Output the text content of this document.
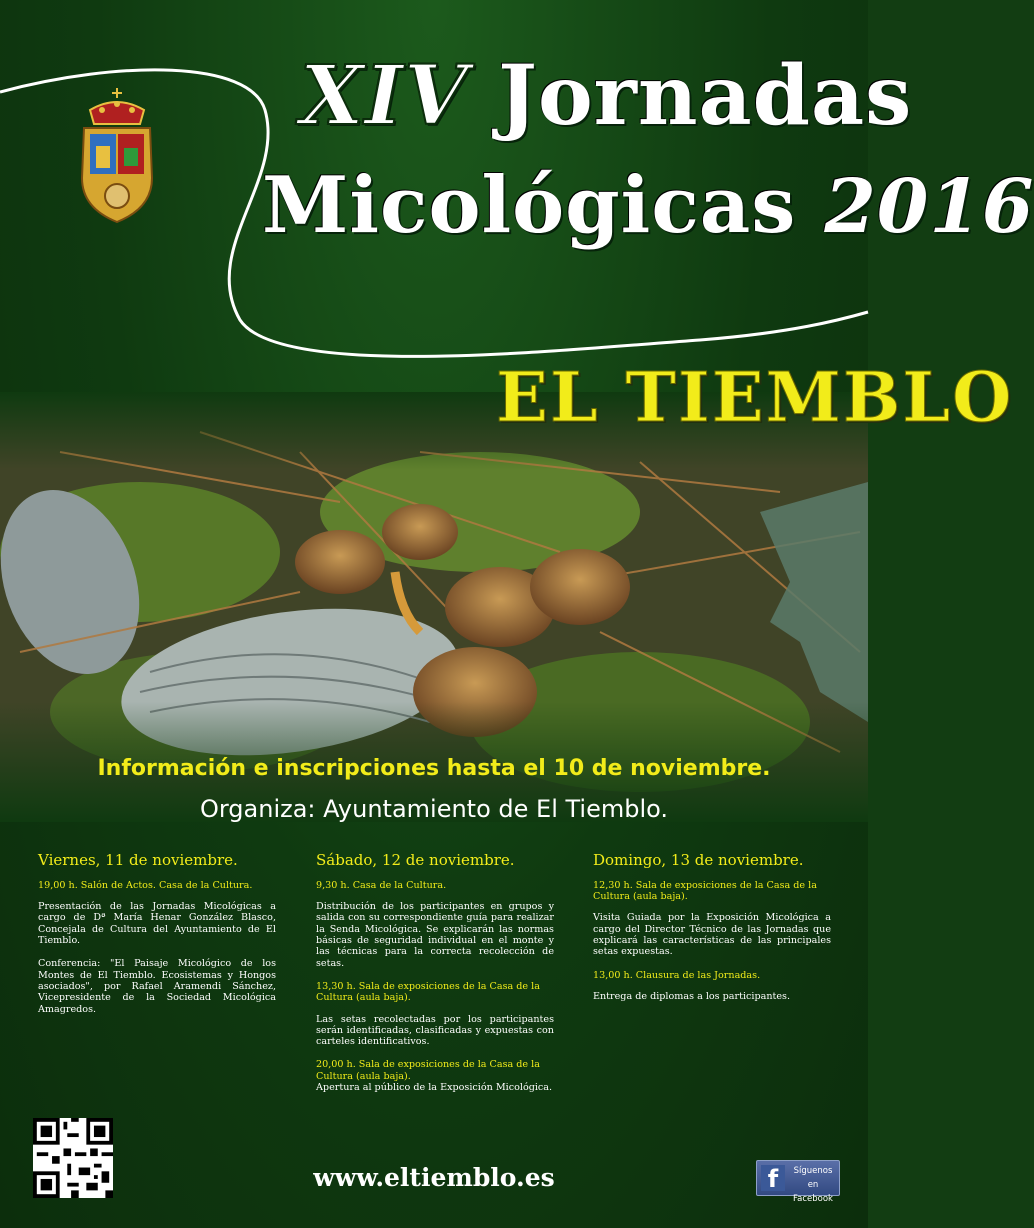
XIV Jornadas
Micológicas 2016
EL TIEMBLO
Información e inscripciones hasta el 10 de noviembre.
Organiza: Ayuntamiento de El Tiemblo.
Viernes, 11 de noviembre.
19,00 h. Salón de Actos. Casa de la Cultura.
Presentación de las Jornadas Micológicas a cargo de Dª María Henar González Blasco, Concejala de Cultura del Ayuntamiento de El Tiemblo.
Conferencia: "El Paisaje Micológico de los Montes de El Tiemblo. Ecosistemas y Hongos asociados", por Rafael Aramendi Sánchez, Vicepresidente de la Sociedad Micológica Amagredos.
Sábado, 12 de noviembre.
9,30 h. Casa de la Cultura.
Distribución de los participantes en grupos y salida con su correspondiente guía para realizar la Senda Micológica. Se explicarán las normas básicas de seguridad individual en el monte y las técnicas para la correcta recolección de setas.
13,30 h. Sala de exposiciones de la Casa de la Cultura (aula baja).
Las setas recolectadas por los participantes serán identificadas, clasificadas y expuestas con carteles identificativos.
20,00 h. Sala de exposiciones de la Casa de la Cultura (aula baja).
Apertura al público de la Exposición Micológica.
Domingo, 13 de noviembre.
12,30 h. Sala de exposiciones de la Casa de la Cultura (aula baja).
Visita Guiada por la Exposición Micológica a cargo del Director Técnico de las Jornadas que explicará las características de las principales setas expuestas.
13,00 h. Clausura de las Jornadas.
Entrega de diplomas a los participantes.
www.eltiemblo.es	f	Síguenos en
Facebook
